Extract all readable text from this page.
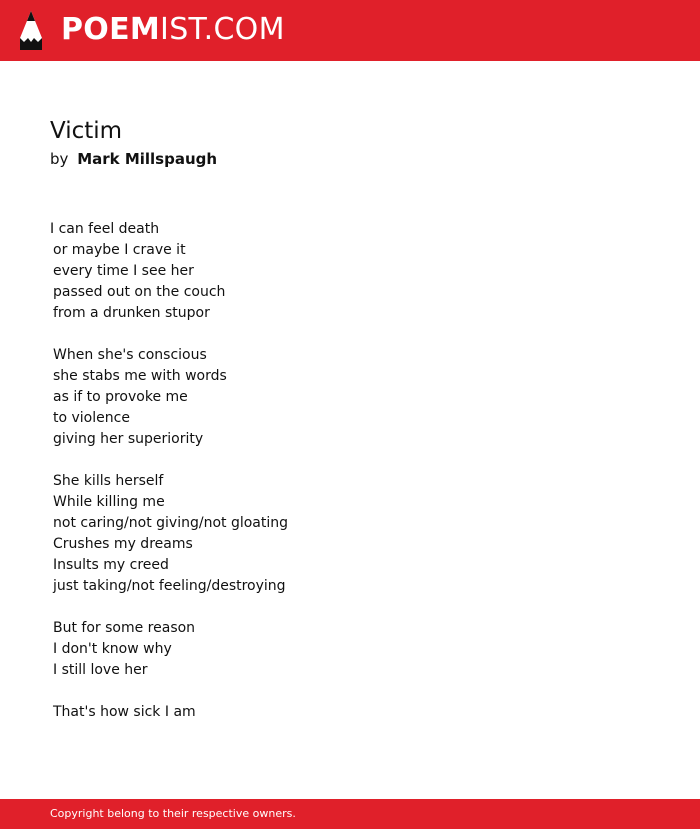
POEMIST.COM
Victim
by Mark Millspaugh
I can feel death
or maybe I crave it
every time I see her
passed out on the couch
from a drunken stupor
When she's conscious
she stabs me with words
as if to provoke me
to violence
giving her superiority
She kills herself
While killing me
not caring/not giving/not gloating
Crushes my dreams
Insults my creed
just taking/not feeling/destroying
But for some reason
I don't know why
I still love her
That's how sick I am
Copyright belong to their respective owners.
